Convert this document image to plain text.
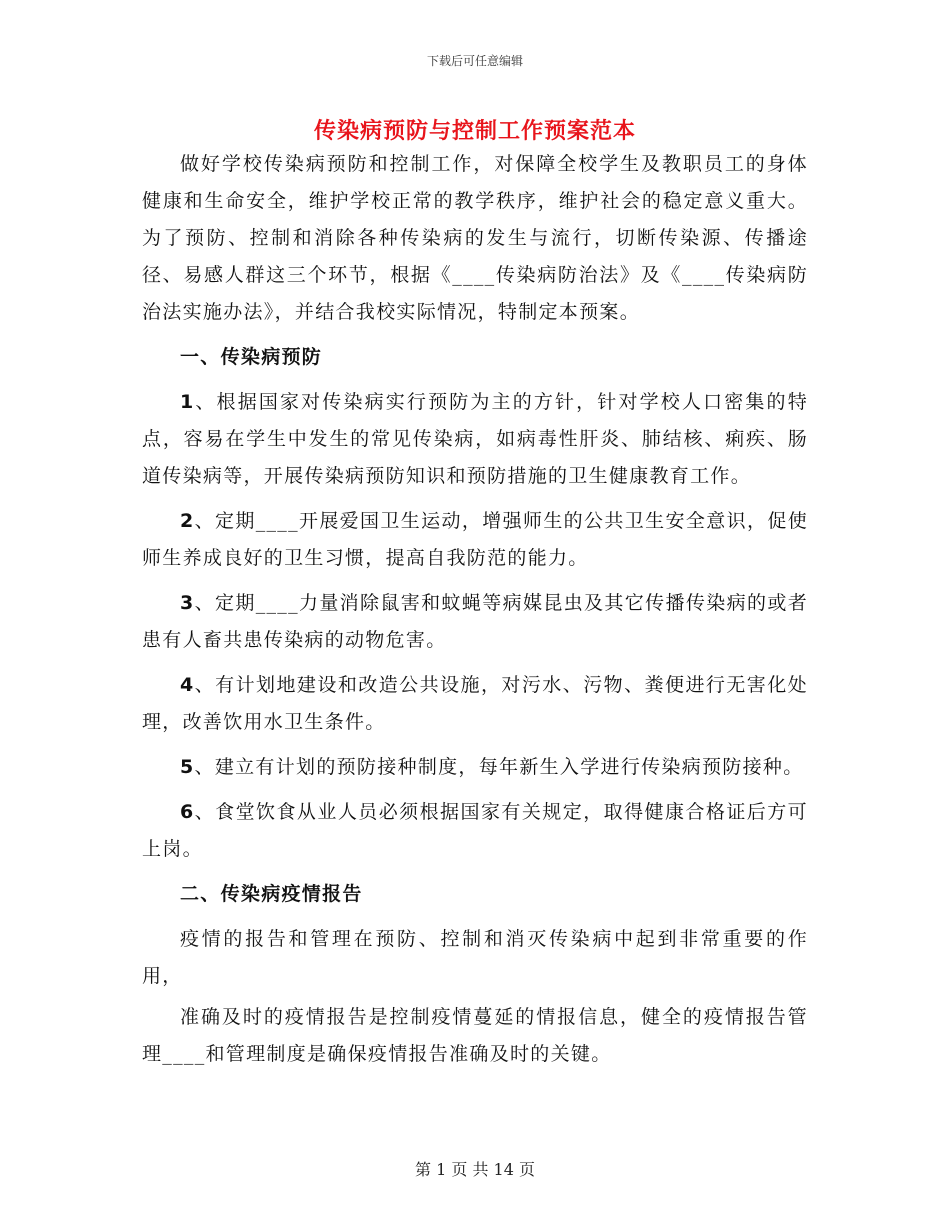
下载后可任意编辑
传染病预防与控制工作预案范本

做好学校传染病预防和控制工作，对保障全校学生及教职员工的身体健康和生命安全，维护学校正常的教学秩序，维护社会的稳定意义重大。为了预防、控制和消除各种传染病的发生与流行，切断传染源、传播途径、易感人群这三个环节，根据《____传染病防治法》及《____传染病防治法实施办法》，并结合我校实际情况，特制定本预案。

一、传染病预防

1、根据国家对传染病实行预防为主的方针，针对学校人口密集的特点，容易在学生中发生的常见传染病，如病毒性肝炎、肺结核、痢疾、肠道传染病等，开展传染病预防知识和预防措施的卫生健康教育工作。

2、定期____开展爱国卫生运动，增强师生的公共卫生安全意识，促使师生养成良好的卫生习惯，提高自我防范的能力。

3、定期____力量消除鼠害和蚊蝇等病媒昆虫及其它传播传染病的或者患有人畜共患传染病的动物危害。

4、有计划地建设和改造公共设施，对污水、污物、粪便进行无害化处理，改善饮用水卫生条件。

5、建立有计划的预防接种制度，每年新生入学进行传染病预防接种。

6、食堂饮食从业人员必须根据国家有关规定，取得健康合格证后方可上岗。

二、传染病疫情报告

疫情的报告和管理在预防、控制和消灭传染病中起到非常重要的作用，

准确及时的疫情报告是控制疫情蔓延的情报信息，健全的疫情报告管理____和管理制度是确保疫情报告准确及时的关键。

第 1 页 共 14 页
